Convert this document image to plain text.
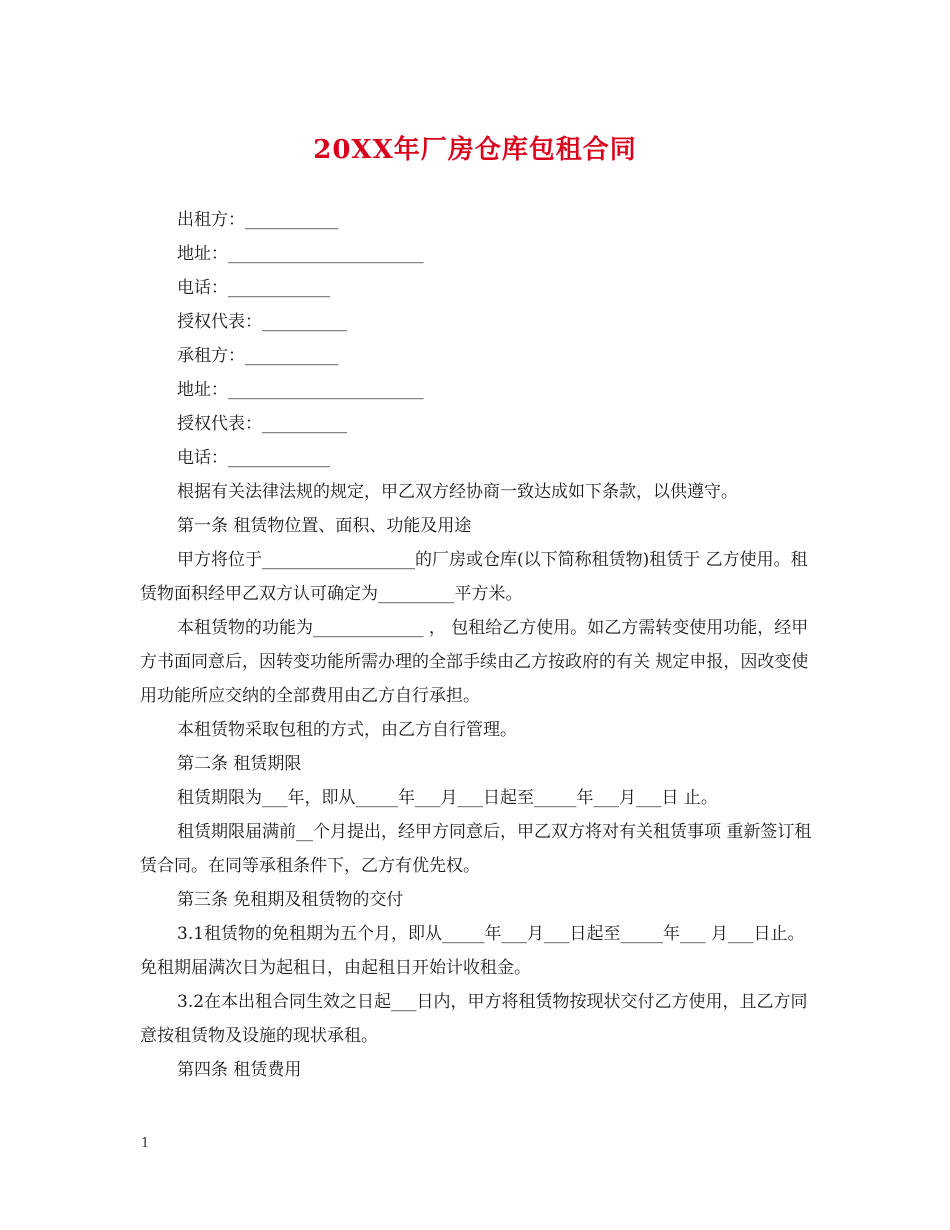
20XX年厂房仓库包租合同

出租方：___________

地址：_______________________

电话：____________

授权代表：__________

承租方：___________

地址：_______________________

授权代表：__________

电话：____________

根据有关法律法规的规定，甲乙双方经协商一致达成如下条款，以供遵守。

第一条 租赁物位置、面积、功能及用途

甲方将位于__________________的厂房或仓库(以下简称租赁物)租赁于 乙方使用。租赁物面积经甲乙双方认可确定为_________平方米。

本租赁物的功能为_____________ ， 包租给乙方使用。如乙方需转变使用功能，经甲方书面同意后，因转变功能所需办理的全部手续由乙方按政府的有关 规定申报，因改变使用功能所应交纳的全部费用由乙方自行承担。

本租赁物采取包租的方式，由乙方自行管理。

第二条 租赁期限

租赁期限为___年，即从_____年___月___日起至_____年___月___日 止。

租赁期限届满前__个月提出，经甲方同意后，甲乙双方将对有关租赁事项 重新签订租赁合同。在同等承租条件下，乙方有优先权。

第三条 免租期及租赁物的交付

3.1租赁物的免租期为五个月，即从_____年___月___日起至_____年___ 月___日止。免租期届满次日为起租日，由起租日开始计收租金。

3.2在本出租合同生效之日起___日内，甲方将租赁物按现状交付乙方使用，且乙方同意按租赁物及设施的现状承租。

第四条 租赁费用

1
